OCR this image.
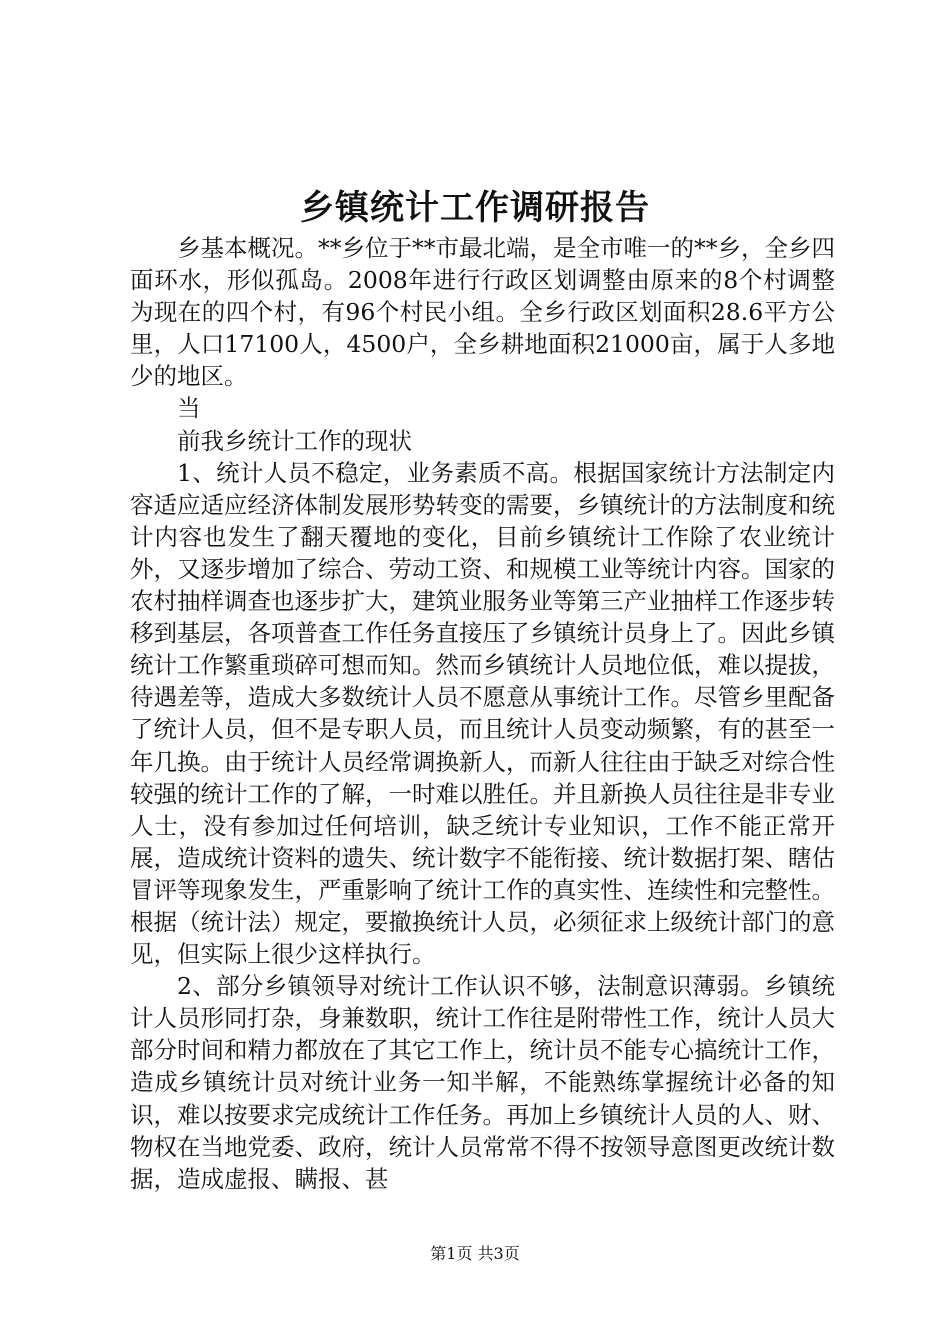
乡镇统计工作调研报告

乡基本概况。**乡位于**市最北端，是全市唯一的**乡，全乡四面环水，形似孤岛。2008年进行行政区划调整由原来的8个村调整为现在的四个村，有96个村民小组。全乡行政区划面积28.6平方公里，人口17100人，4500户，全乡耕地面积21000亩，属于人多地少的地区。

当

前我乡统计工作的现状

1、统计人员不稳定，业务素质不高。根据国家统计方法制定内容适应适应经济体制发展形势转变的需要，乡镇统计的方法制度和统计内容也发生了翻天覆地的变化，目前乡镇统计工作除了农业统计外，又逐步增加了综合、劳动工资、和规模工业等统计内容。国家的农村抽样调查也逐步扩大，建筑业服务业等第三产业抽样工作逐步转移到基层，各项普查工作任务直接压了乡镇统计员身上了。因此乡镇统计工作繁重琐碎可想而知。然而乡镇统计人员地位低，难以提拔，待遇差等，造成大多数统计人员不愿意从事统计工作。尽管乡里配备了统计人员，但不是专职人员，而且统计人员变动频繁，有的甚至一年几换。由于统计人员经常调换新人，而新人往往由于缺乏对综合性较强的统计工作的了解，一时难以胜任。并且新换人员往往是非专业人士，没有参加过任何培训，缺乏统计专业知识，工作不能正常开展，造成统计资料的遗失、统计数字不能衔接、统计数据打架、瞎估冒评等现象发生，严重影响了统计工作的真实性、连续性和完整性。根据（统计法）规定，要撤换统计人员，必须征求上级统计部门的意见，但实际上很少这样执行。

2、部分乡镇领导对统计工作认识不够，法制意识薄弱。乡镇统计人员形同打杂，身兼数职，统计工作往是附带性工作，统计人员大部分时间和精力都放在了其它工作上，统计员不能专心搞统计工作，造成乡镇统计员对统计业务一知半解，不能熟练掌握统计必备的知识，难以按要求完成统计工作任务。再加上乡镇统计人员的人、财、物权在当地党委、政府，统计人员常常不得不按领导意图更改统计数据，造成虚报、瞒报、甚

第1页 共3页
